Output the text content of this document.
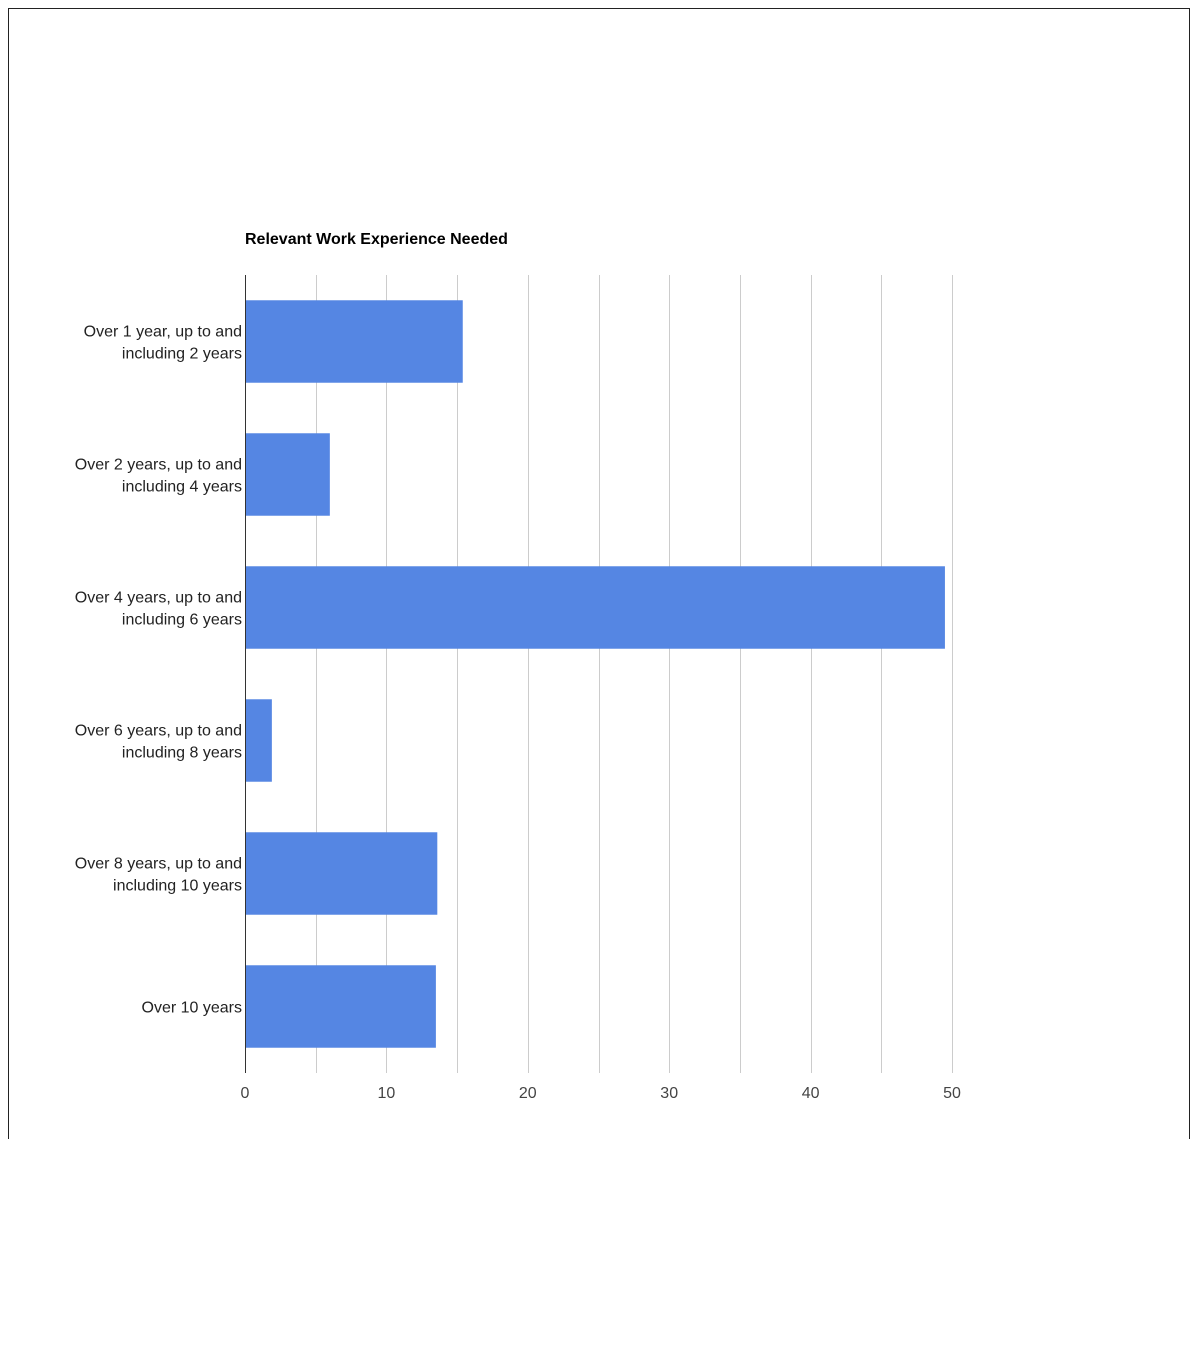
Relevant Work Experience Needed
Over 1 year, up to and including 2 years
Over 2 years, up to and including 4 years
Over 4 years, up to and including 6 years
Over 6 years, up to and including 8 years
Over 8 years, up to and including 10 years
Over 10 years
0	10	20	30	40	50
